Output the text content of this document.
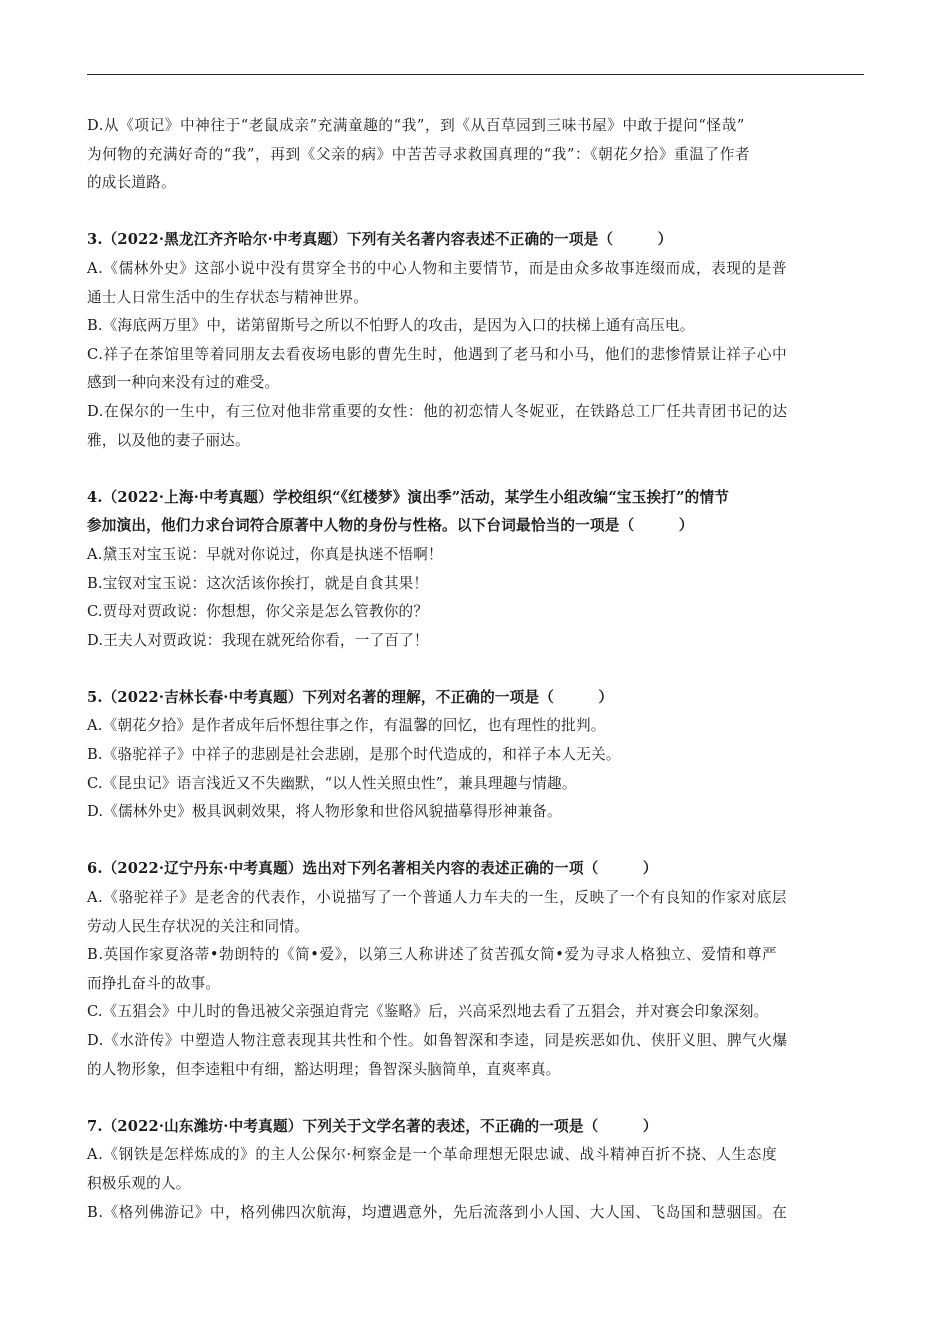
D.从《项记》中神往于“老鼠成亲”充满童趣的“我”，到《从百草园到三味书屋》中敢于提问“怪哉”
为何物的充满好奇的“我”，再到《父亲的病》中苦苦寻求救国真理的“我”：《朝花夕拾》重温了作者
的成长道路。
3.（2022·黑龙江齐齐哈尔·中考真题）下列有关名著内容表述不正确的一项是（　　　）
A.《儒林外史》这部小说中没有贯穿全书的中心人物和主要情节，而是由众多故事连缀而成，表现的是普
通士人日常生活中的生存状态与精神世界。
B.《海底两万里》中，诺第留斯号之所以不怕野人的攻击，是因为入口的扶梯上通有高压电。
C.祥子在茶馆里等着同朋友去看夜场电影的曹先生时，他遇到了老马和小马，他们的悲惨情景让祥子心中
感到一种向来没有过的难受。
D.在保尔的一生中，有三位对他非常重要的女性：他的初恋情人冬妮亚，在铁路总工厂任共青团书记的达
雅，以及他的妻子丽达。
4.（2022·上海·中考真题）学校组织“《红楼梦》演出季”活动，某学生小组改编“宝玉挨打”的情节
参加演出，他们力求台词符合原著中人物的身份与性格。以下台词最恰当的一项是（　　　）
A.黛玉对宝玉说：早就对你说过，你真是执迷不悟啊！
B.宝钗对宝玉说：这次活该你挨打，就是自食其果！
C.贾母对贾政说：你想想，你父亲是怎么管教你的？
D.王夫人对贾政说：我现在就死给你看，一了百了！
5.（2022·吉林长春·中考真题）下列对名著的理解，不正确的一项是（　　　）
A.《朝花夕拾》是作者成年后怀想往事之作，有温馨的回忆，也有理性的批判。
B.《骆驼祥子》中祥子的悲剧是社会悲剧，是那个时代造成的，和祥子本人无关。
C.《昆虫记》语言浅近又不失幽默，“以人性关照虫性”，兼具理趣与情趣。
D.《儒林外史》极具讽刺效果，将人物形象和世俗风貌描摹得形神兼备。
6.（2022·辽宁丹东·中考真题）选出对下列名著相关内容的表述正确的一项（　　　）
A.《骆驼祥子》是老舍的代表作，小说描写了一个普通人力车夫的一生，反映了一个有良知的作家对底层
劳动人民生存状况的关注和同情。
B.英国作家夏洛蒂•勃朗特的《简•爱》，以第三人称讲述了贫苦孤女简•爱为寻求人格独立、爱情和尊严
而挣扎奋斗的故事。
C.《五猖会》中儿时的鲁迅被父亲强迫背完《鉴略》后，兴高采烈地去看了五猖会，并对赛会印象深刻。
D.《水浒传》中塑造人物注意表现其共性和个性。如鲁智深和李逵，同是疾恶如仇、侠肝义胆、脾气火爆
的人物形象，但李逵粗中有细，豁达明理；鲁智深头脑简单，直爽率真。
7.（2022·山东潍坊·中考真题）下列关于文学名著的表述，不正确的一项是（　　　）
A.《钢铁是怎样炼成的》的主人公保尔·柯察金是一个革命理想无限忠诚、战斗精神百折不挠、人生态度
积极乐观的人。
B.《格列佛游记》中，格列佛四次航海，均遭遇意外，先后流落到小人国、大人国、飞岛国和慧骃国。在
